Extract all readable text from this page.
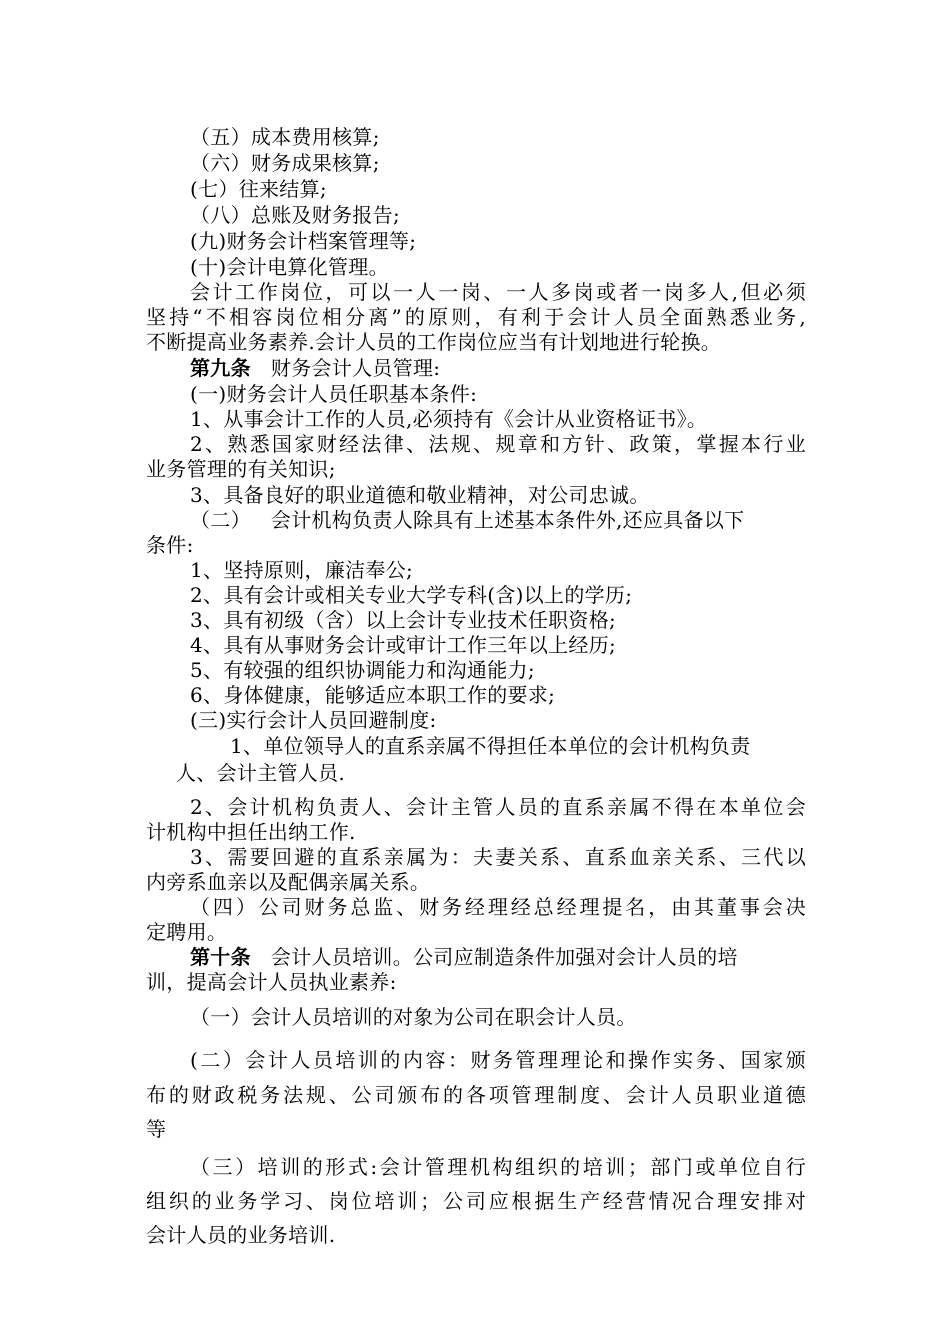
（五）成本费用核算;
（六）财务成果核算;
(七）往来结算;
（八）总账及财务报告;
(九)财务会计档案管理等;
(十)会计电算化管理。
会计工作岗位，可以一人一岗、一人多岗或者一岗多人,但必须
坚持“不相容岗位相分离”的原则，有利于会计人员全面熟悉业务,
不断提高业务素养.会计人员的工作岗位应当有计划地进行轮换。
第九条 财务会计人员管理:
(一)财务会计人员任职基本条件:
1、从事会计工作的人员,必须持有《会计从业资格证书》。
2、熟悉国家财经法律、法规、规章和方针、政策，掌握本行业
业务管理的有关知识;
3、具备良好的职业道德和敬业精神，对公司忠诚。
（二） 会计机构负责人除具有上述基本条件外,还应具备以下
条件:
1、坚持原则，廉洁奉公;
2、具有会计或相关专业大学专科(含)以上的学历;
3、具有初级（含）以上会计专业技术任职资格;
4、具有从事财务会计或审计工作三年以上经历;
5、有较强的组织协调能力和沟通能力;
6、身体健康，能够适应本职工作的要求;
(三)实行会计人员回避制度:
1、单位领导人的直系亲属不得担任本单位的会计机构负责
人、会计主管人员.
2、会计机构负责人、会计主管人员的直系亲属不得在本单位会
计机构中担任出纳工作.
3、需要回避的直系亲属为：夫妻关系、直系血亲关系、三代以
内旁系血亲以及配偶亲属关系。
（四）公司财务总监、财务经理经总经理提名，由其董事会决
定聘用。
第十条 会计人员培训。公司应制造条件加强对会计人员的培
训，提高会计人员执业素养:
（一）会计人员培训的对象为公司在职会计人员。
(二）会计人员培训的内容：财务管理理论和操作实务、国家颁
布的财政税务法规、公司颁布的各项管理制度、会计人员职业道德
等
（三）培训的形式:会计管理机构组织的培训；部门或单位自行
组织的业务学习、岗位培训；公司应根据生产经营情况合理安排对
会计人员的业务培训.
